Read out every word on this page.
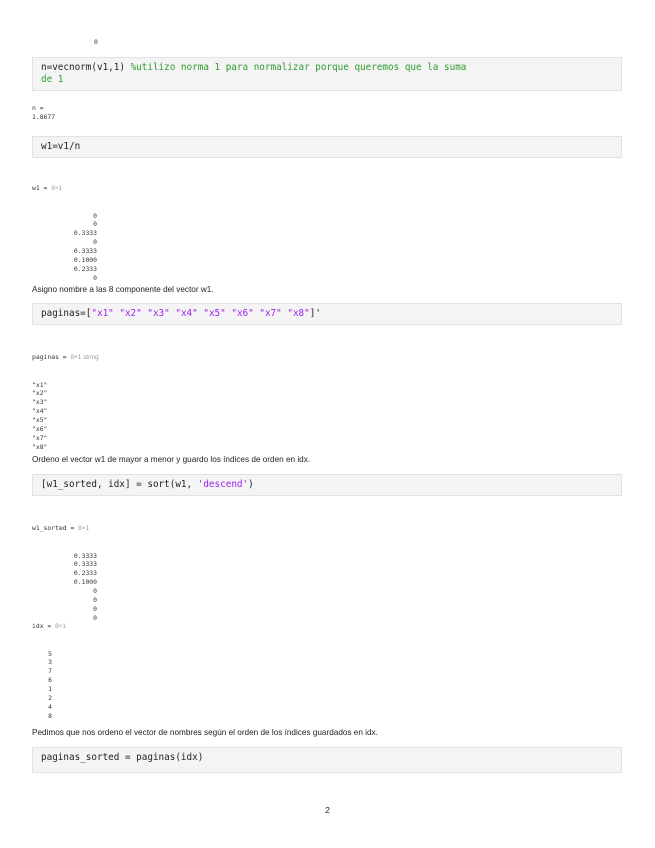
0
n=vecnorm(v1,1) %utilizo norma 1 para normalizar porque queremos que la suma
de 1
n =
1.8677
w1=v1/n

w1 = 8×1

0
0
0.3333
0
0.3333
0.1000
0.2333
0

Asigno nombre a las 8 componente del vector w1.
paginas=["x1" "x2" "x3" "x4" "x5" "x6" "x7" "x8"]'

paginas = 8×1 string

"x1"
"x2"
"x3"
"x4"
"x5"
"x6"
"x7"
"x8"

Ordeno el vector w1 de mayor a menor y guardo los índices de orden en idx.
[w1_sorted, idx] = sort(w1, 'descend')

w1_sorted = 8×1

0.3333
0.3333
0.2333
0.1000
0
0
0
0

idx = 8×1

5
3
7
6
1
2
4
8

Pedimos que nos ordeno el vector de nombres según el orden de los índices guardados en idx.
paginas_sorted = paginas(idx)
2
